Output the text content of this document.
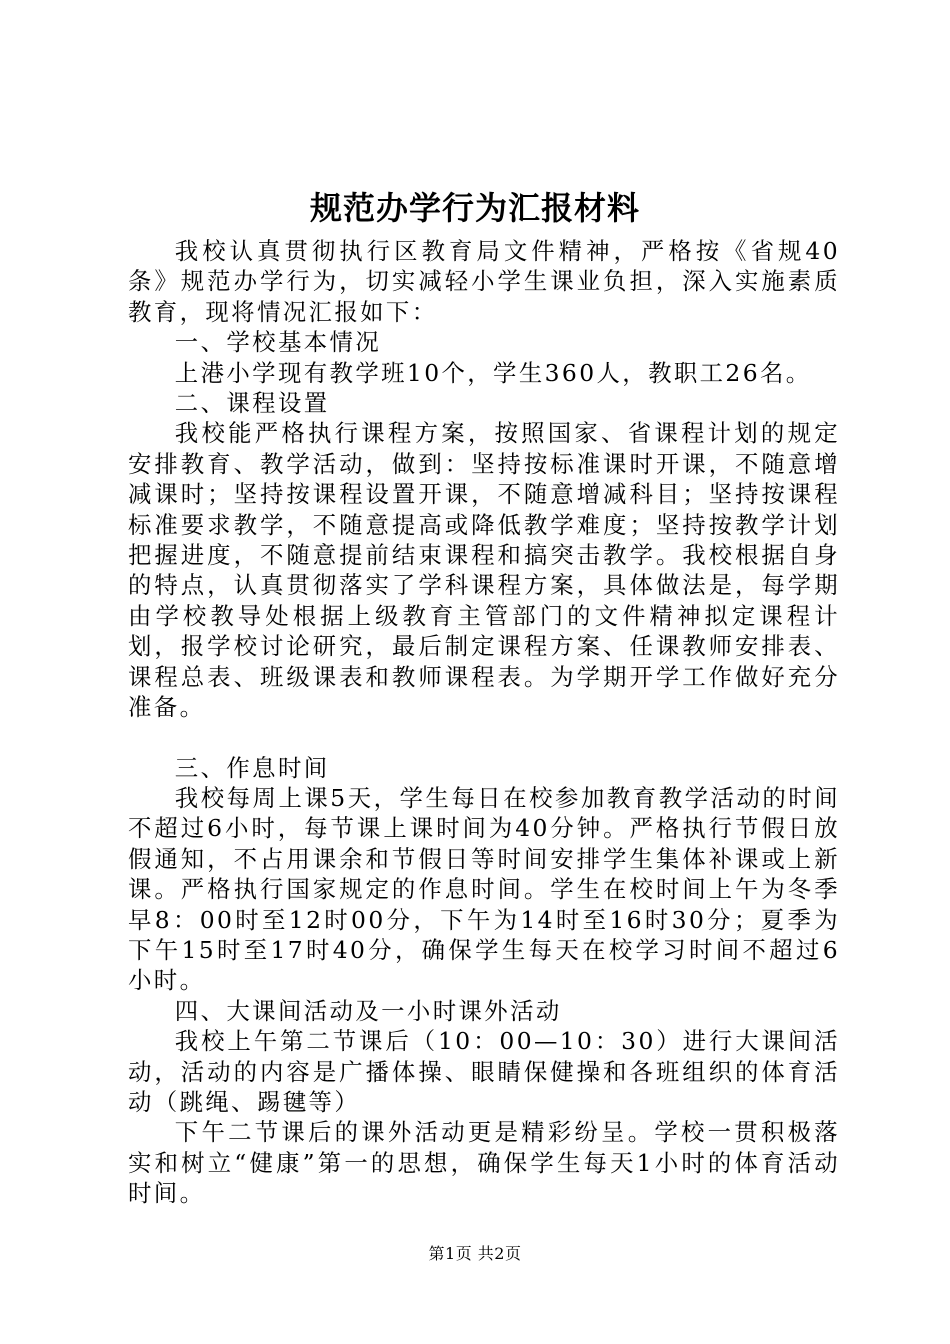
规范办学行为汇报材料

我校认真贯彻执行区教育局文件精神，严格按《省规40条》规范办学行为，切实减轻小学生课业负担，深入实施素质教育，现将情况汇报如下：

一、学校基本情况

上港小学现有教学班10个，学生360人，教职工26名。

二、课程设置

我校能严格执行课程方案，按照国家、省课程计划的规定安排教育、教学活动，做到：坚持按标准课时开课，不随意增减课时；坚持按课程设置开课，不随意增减科目；坚持按课程标准要求教学，不随意提高或降低教学难度；坚持按教学计划把握进度，不随意提前结束课程和搞突击教学。我校根据自身的特点，认真贯彻落实了学科课程方案，具体做法是，每学期由学校教导处根据上级教育主管部门的文件精神拟定课程计划，报学校讨论研究，最后制定课程方案、任课教师安排表、课程总表、班级课表和教师课程表。为学期开学工作做好充分准备。

三、作息时间

我校每周上课5天，学生每日在校参加教育教学活动的时间不超过6小时，每节课上课时间为40分钟。严格执行节假日放假通知，不占用课余和节假日等时间安排学生集体补课或上新课。严格执行国家规定的作息时间。学生在校时间上午为冬季早8：00时至12时00分，下午为14时至16时30分；夏季为下午15时至17时40分，确保学生每天在校学习时间不超过6小时。

四、大课间活动及一小时课外活动

我校上午第二节课后（10：00—10：30）进行大课间活动，活动的内容是广播体操、眼睛保健操和各班组织的体育活动（跳绳、踢毽等）

下午二节课后的课外活动更是精彩纷呈。学校一贯积极落实和树立“健康”第一的思想，确保学生每天1小时的体育活动时间。

第1页 共2页
